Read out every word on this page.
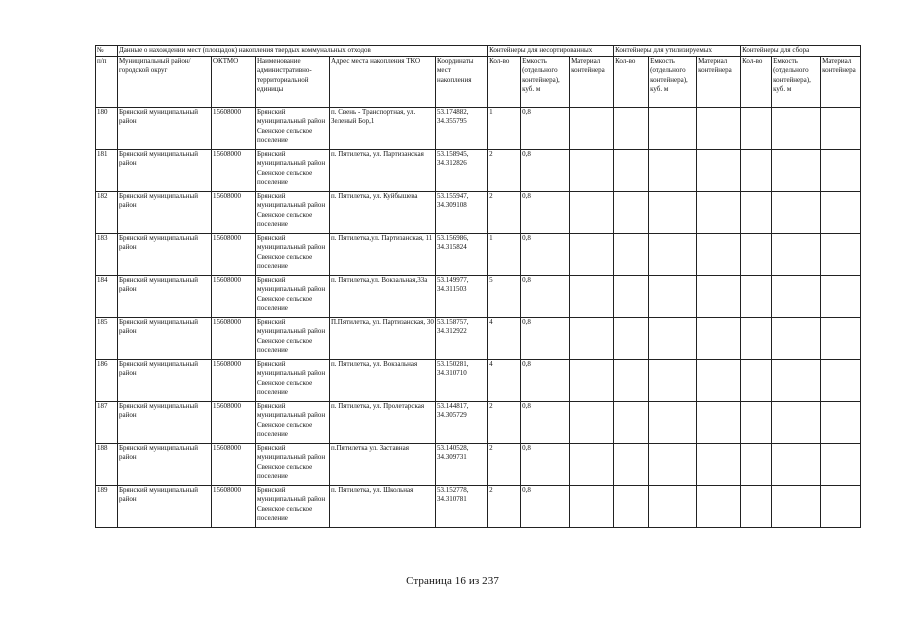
№	Данные о нахождении мест (площадок) накопления твердых коммунальных отходов					Контейнеры для несортированных			Контейнеры для утилизируемых			Контейнеры для сбора		
п/п	Муниципальный район/городской округ	ОКТМО	Наименование административно-территориальной единицы	Адрес места накопления ТКО	Координаты мест накопления	Кол-во	Емкость (отдельного контейнера), куб. м	Материал контейнера	Кол-во	Емкость (отдельного контейнера), куб. м	Материал контейнера	Кол-во	Емкость (отдельного контейнера), куб. м	Материал контейнера
180	Брянский муниципальный район	15608000	Брянский муниципальный район Свенское сельское поселение	п. Свень - Транспортная, ул. Зеленый Бор,1	53.174882, 34.355795	1	0,8							
181	Брянский муниципальный район	15608000	Брянский муниципальный район Свенское сельское поселение	п. Пятилетка, ул. Партизанская	53.158945, 34.312826	2	0,8							
182	Брянский муниципальный район	15608000	Брянский муниципальный район Свенское сельское поселение	п. Пятилетка, ул. Куйбышева	53.155947, 34.309108	2	0,8							
183	Брянский муниципальный район	15608000	Брянский муниципальный район Свенское сельское поселение	п. Пятилетка,ул. Партизанская, 11	53.156986, 34.315824	1	0,8							
184	Брянский муниципальный район	15608000	Брянский муниципальный район Свенское сельское поселение	п. Пятилетка,ул. Вокзальная,33а	53.149977, 34.311503	5	0,8							
185	Брянский муниципальный район	15608000	Брянский муниципальный район Свенское сельское поселение	П.Пятилетка, ул. Партизанская, 30	53.158757, 34.312922	4	0,8							
186	Брянский муниципальный район	15608000	Брянский муниципальный район Свенское сельское поселение	п. Пятилетка, ул. Вокзальная	53.150281, 34.310710	4	0,8							
187	Брянский муниципальный район	15608000	Брянский муниципальный район Свенское сельское поселение	п. Пятилетка, ул. Пролетарская	53.144817, 34.305729	2	0,8							
188	Брянский муниципальный район	15608000	Брянский муниципальный район Свенское сельское поселение	п.Пятилетка ул. Заставная	53.140528, 34.309731	2	0,8							
189	Брянский муниципальный район	15608000	Брянский муниципальный район Свенское сельское поселение	п. Пятилетка, ул. Школьная	53.152778, 34.310781	2	0,8							
Страница 16 из 237
